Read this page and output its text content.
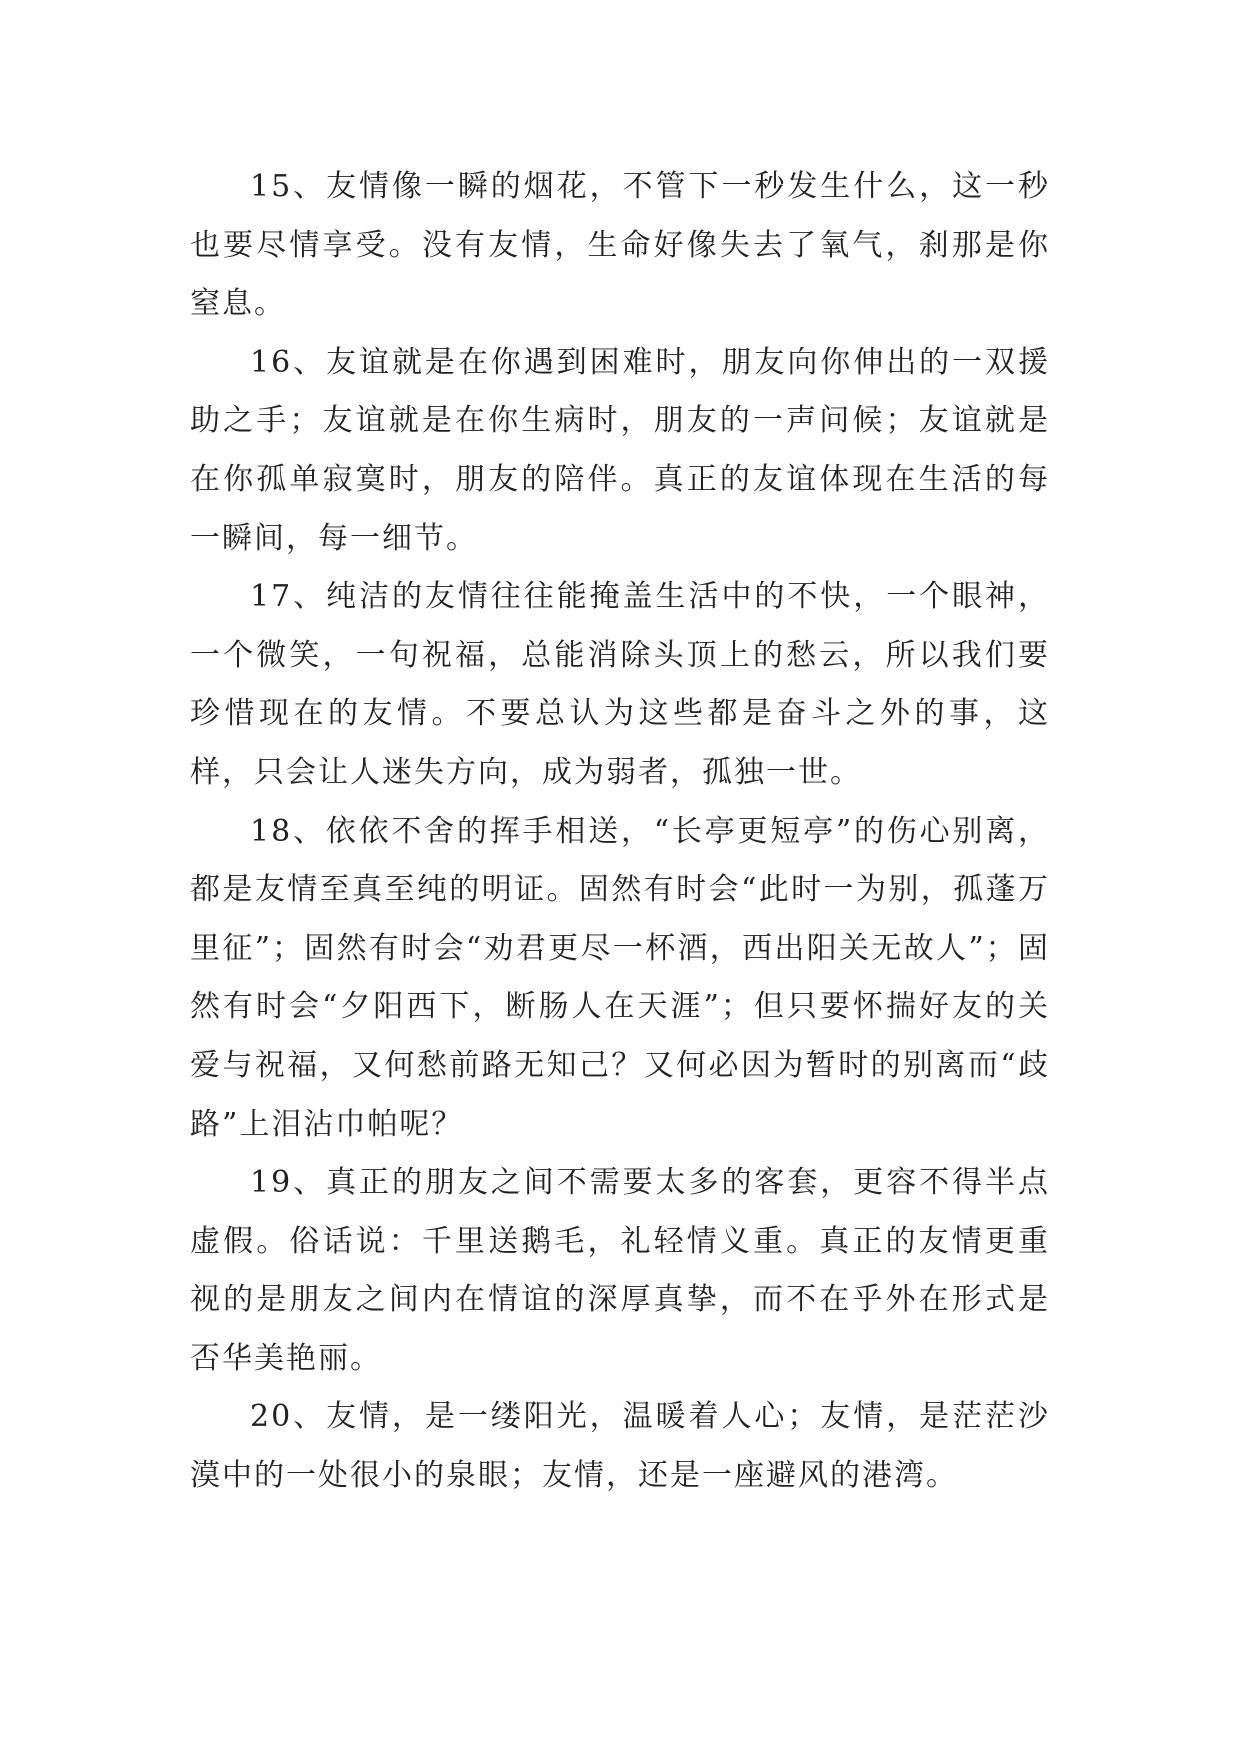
15、友情像一瞬的烟花，不管下一秒发生什么，这一秒也要尽情享受。没有友情，生命好像失去了氧气，刹那是你窒息。

16、友谊就是在你遇到困难时，朋友向你伸出的一双援助之手；友谊就是在你生病时，朋友的一声问候；友谊就是在你孤单寂寞时，朋友的陪伴。真正的友谊体现在生活的每一瞬间，每一细节。

17、纯洁的友情往往能掩盖生活中的不快，一个眼神，一个微笑，一句祝福，总能消除头顶上的愁云，所以我们要珍惜现在的友情。不要总认为这些都是奋斗之外的事，这样，只会让人迷失方向，成为弱者，孤独一世。

18、依依不舍的挥手相送，“长亭更短亭”的伤心别离，都是友情至真至纯的明证。固然有时会“此时一为别，孤蓬万里征”；固然有时会“劝君更尽一杯酒，西出阳关无故人”；固然有时会“夕阳西下，断肠人在天涯”；但只要怀揣好友的关爱与祝福，又何愁前路无知己？又何必因为暂时的别离而“歧路”上泪沾巾帕呢？

19、真正的朋友之间不需要太多的客套，更容不得半点虚假。俗话说：千里送鹅毛，礼轻情义重。真正的友情更重视的是朋友之间内在情谊的深厚真挚，而不在乎外在形式是否华美艳丽。

20、友情，是一缕阳光，温暖着人心；友情，是茫茫沙漠中的一处很小的泉眼；友情，还是一座避风的港湾。
